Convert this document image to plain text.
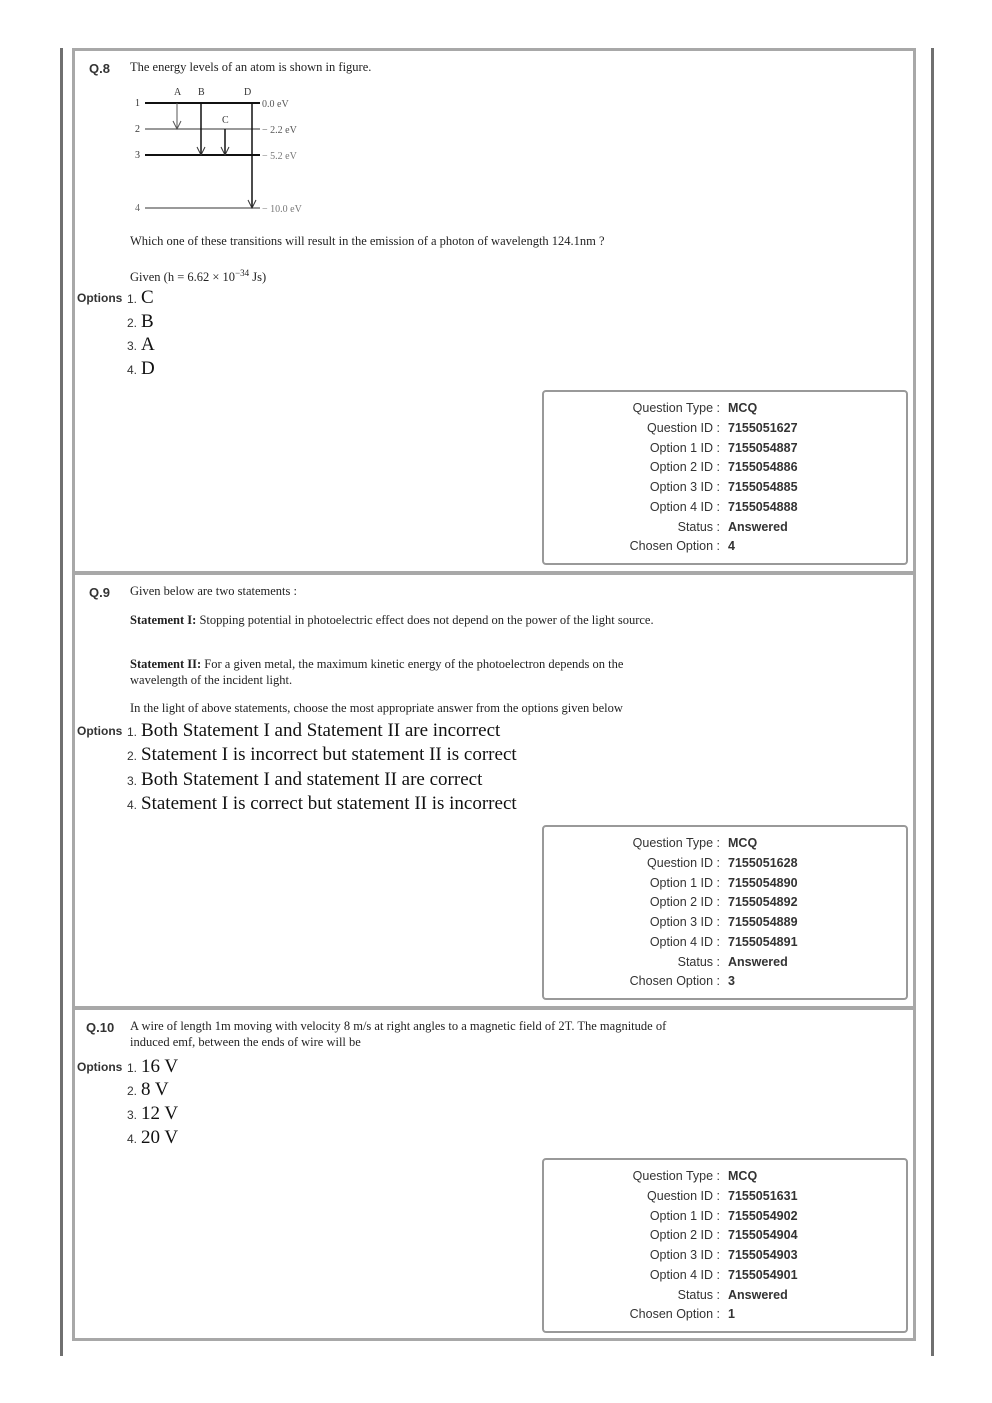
Q.8 The energy levels of an atom is shown in figure.
A B
C
D
1
2
3
4
0.0 eV
− 2.2 eV
− 5.2 eV
− 10.0 eV
Which one of these transitions will result in the emission of a photon of wavelength 124.1nm ?
Given ($h = 6.62 \times 10^{-34}$ Js)
Options 1. C
2. B
3. A
4. D
Question Type : MCQ
Question ID : 7155051627
Option 1 ID : 7155054887
Option 2 ID : 7155054886
Option 3 ID : 7155054885
Option 4 ID : 7155054888
Status : Answered
Chosen Option : 4
Q.9 Given below are two statements :
Statement I: Stopping potential in photoelectric effect does not depend on the power of the light source.
Statement II: For a given metal, the maximum kinetic energy of the photoelectron depends on the wavelength of the incident light.
In the light of above statements, choose the most appropriate answer from the options given below
Options 1. Both Statement I and Statement II are incorrect
2. Statement I is incorrect but statement II is correct
3. Both Statement I and statement II are correct
4. Statement I is correct but statement II is incorrect
Question Type : MCQ
Question ID : 7155051628
Option 1 ID : 7155054890
Option 2 ID : 7155054892
Option 3 ID : 7155054889
Option 4 ID : 7155054891
Status : Answered
Chosen Option : 3
Q.10 A wire of length 1m moving with velocity 8 m/s at right angles to a magnetic field of 2T. The magnitude of induced emf, between the ends of wire will be
Options 1. 16 V
2. 8 V
3. 12 V
4. 20 V
Question Type : MCQ
Question ID : 7155051631
Option 1 ID : 7155054902
Option 2 ID : 7155054904
Option 3 ID : 7155054903
Option 4 ID : 7155054901
Status : Answered
Chosen Option : 1
